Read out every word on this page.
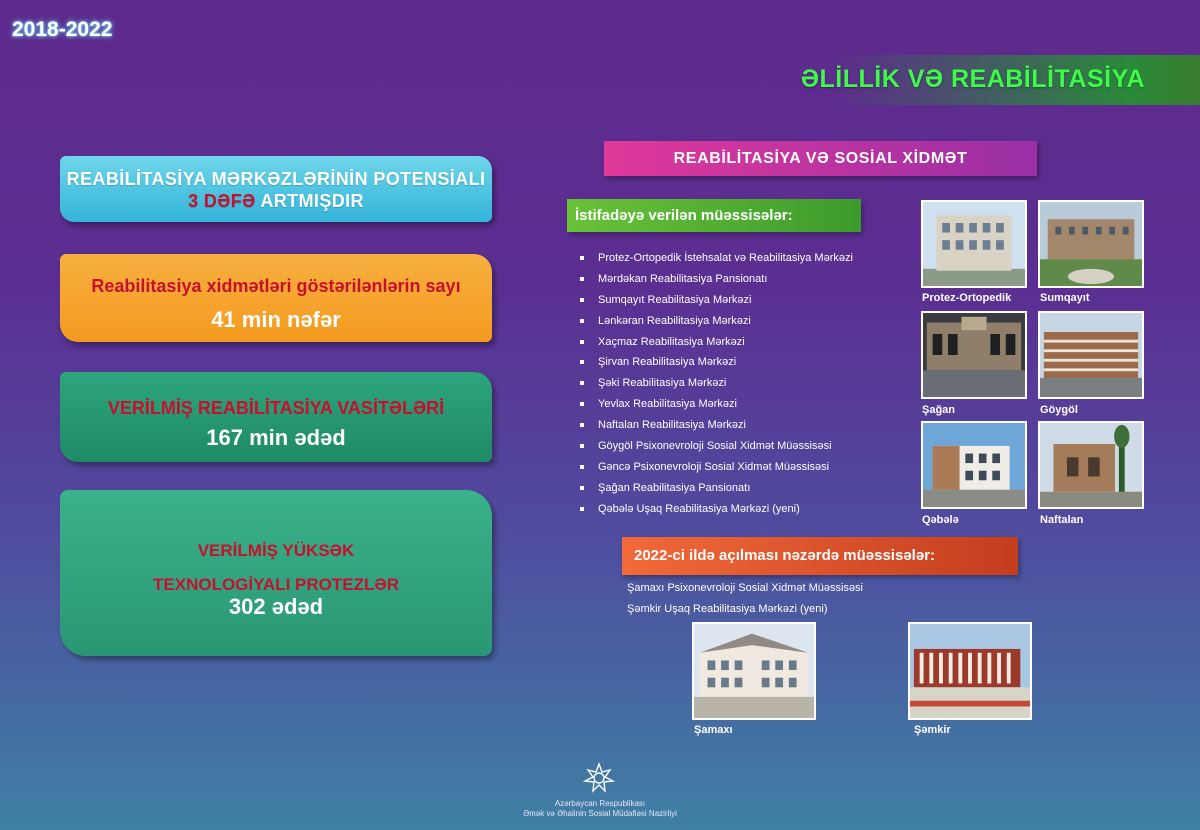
2018-2022
ƏLİLLİK VƏ REABİLİTASİYA
REABİLİTASİYA MƏRKƏZLƏRİNİN POTENSİALI 3 DƏFƏ ARTMIŞDIR
Reabilitasiya xidmətləri göstərilənlərin sayı
41 min nəfər
VERİLMİŞ REABİLİTASİYA VASİTƏLƏRİ
167 min ədəd
VERİLMİŞ YÜKSƏK TEXNOLOGİYALI PROTEZLƏR
302 ədəd
REABİLİTASİYA VƏ SOSİAL XİDMƏT
İstifadəyə verilən müəssisələr:
Protez-Ortopedik İstehsalat və Reabilitasiya Mərkəzi
Mərdəkan Reabilitasiya Pansionatı
Sumqayıt Reabilitasiya Mərkəzi
Lənkəran Reabilitasiya Mərkəzi
Xaçmaz Reabilitasiya Mərkəzi
Şirvan Reabilitasiya Mərkəzi
Şəki Reabilitasiya Mərkəzi
Yevlax Reabilitasiya Mərkəzi
Naftalan Reabilitasiya Mərkəzi
Göygöl Psixonevroloji Sosial Xidmət Müəssisəsi
Gəncə Psixonevroloji Sosial Xidmət Müəssisəsi
Şağan Reabilitasiya Pansionatı
Qəbələ Uşaq Reabilitasiya Mərkəzi (yeni)
Protez-Ortopedik	Sumqayıt
Şağan	Göygöl
Qəbələ	Naftalan
2022-ci ildə açılması nəzərdə müəssisələr:
Şamaxı Psixonevroloji Sosial Xidmət Müəssisəsi
Şəmkir Uşaq Reabilitasiya Mərkəzi (yeni)
Şamaxı	Şəmkir
Azərbaycan Respublikası
Əmək və Əhalinin Sosial Müdafiəsi Nazirliyi
